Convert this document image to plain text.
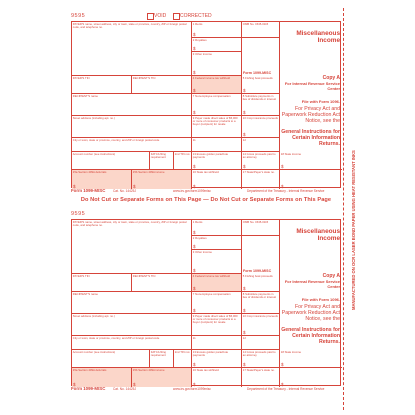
MANUFACTURED ON OCR LASER BOND PAPER USING HEAT RESISTANT INKS
9595	VOID	CORRECTED
PAYER'S name, street address, city or town, state or province, country, ZIP or foreign postal code, and telephone no.
1 Rents
$
OMB No. 1545-0115
2 Royalties
$
Form 1099-MISC
3 Other income
$
Miscellaneous Income
PAYER'S TIN	RECIPIENT'S TIN	4 Federal income tax withheld
$
5 Fishing boat proceeds
$
Copy A
For Internal Revenue Service Center
RECIPIENT'S name	7 Nonemployee compensation
$
8 Substitute payments in lieu of dividends or interest
$
File with Form 1096.
For Privacy Act and Paperwork Reduction Act Notice, see the
Street address (including apt. no.)	9 Payer made direct sales of $5,000 or more of consumer products to a buyer (recipient) for resale
10 Crop insurance proceeds
$	General Instructions for Certain Information Returns.
City or town, state or province, country, and ZIP or foreign postal code	11	12
Account number (see instructions)	FATCA filing requirement
2nd TIN not. 13 Excess golden parachute payments
$
14 Gross proceeds paid to an attorney
$
18 State income
$
15a Section 409A deferrals
$
15b Section 409A income
$
16 State tax withheld
$
17 State/Payer's state no.
$
Form 1099-MISC Cat. No. 14425J	www.irs.gov/form1099misc	Department of the Treasury - Internal Revenue Service
Do Not Cut or Separate Forms on This Page — Do Not Cut or Separate Forms on This Page
9595
PAYER'S name, street address, city or town, state or province, country, ZIP or foreign postal code, and telephone no.
1 Rents
$
OMB No. 1545-0115
2 Royalties
$
Form 1099-MISC
3 Other income
$
Miscellaneous Income
PAYER'S TIN	RECIPIENT'S TIN	4 Federal income tax withheld
$
5 Fishing boat proceeds
$
Copy A
For Internal Revenue Service Center
RECIPIENT'S name	7 Nonemployee compensation
$
8 Substitute payments in lieu of dividends or interest
$
File with Form 1096.
For Privacy Act and Paperwork Reduction Act Notice, see the
Street address (including apt. no.)	9 Payer made direct sales of $5,000 or more of consumer products to a buyer (recipient) for resale
10 Crop insurance proceeds
$	General Instructions for Certain Information Returns.
City or town, state or province, country, and ZIP or foreign postal code	11	12
Account number (see instructions)	FATCA filing requirement
2nd TIN not. 13 Excess golden parachute payments
$
14 Gross proceeds paid to an attorney
$
18 State income
$
15a Section 409A deferrals
$
15b Section 409A income
$
16 State tax withheld
$
17 State/Payer's state no.
$
Form 1099-MISC Cat. No. 14425J	www.irs.gov/form1099misc	Department of the Treasury - Internal Revenue Service
